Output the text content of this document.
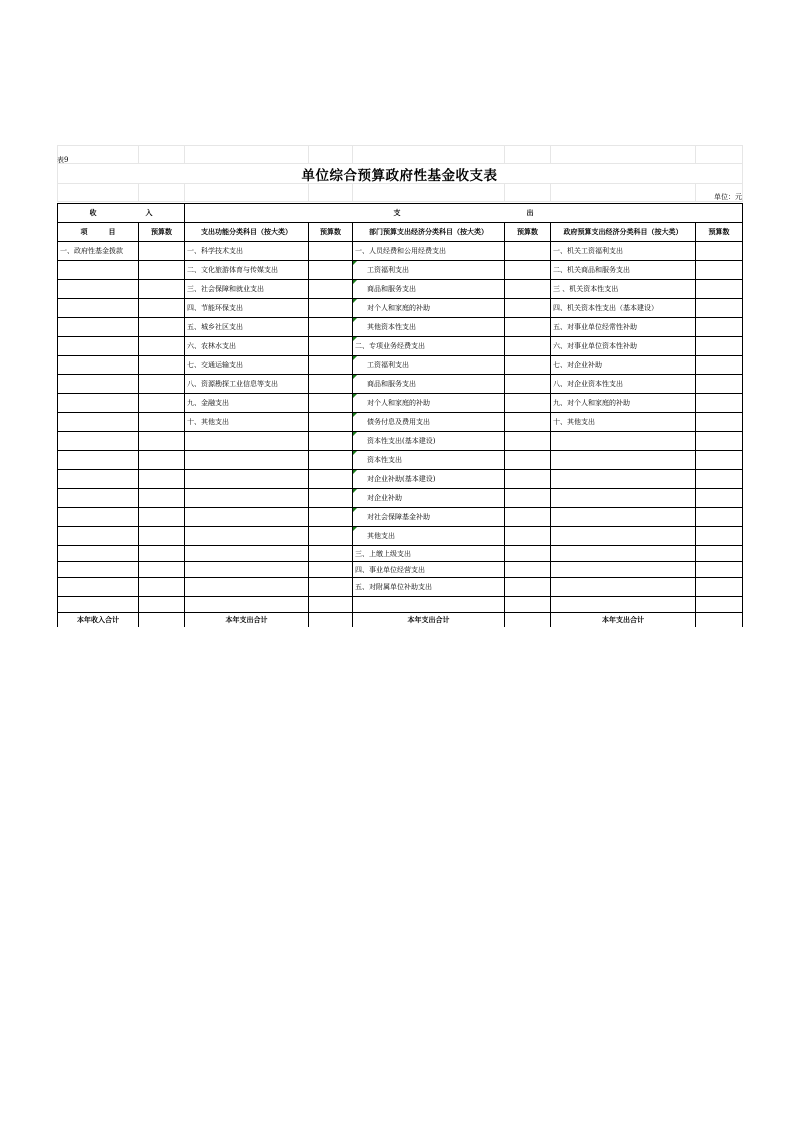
表9
单位综合预算政府性基金收支表
单位：元
收　　　　　　　入		支　　　　　　　　　　　　　　　　　　出					
项　　　目	预算数	支出功能分类科目（按大类）	预算数	部门预算支出经济分类科目（按大类）	预算数	政府预算支出经济分类科目（按大类）	预算数
一、政府性基金拨款		一、科学技术支出		一、人员经费和公用经费支出		一、机关工资福利支出	
		二、文化旅游体育与传媒支出		工资福利支出		二、机关商品和服务支出	
		三、社会保障和就业支出		商品和服务支出		三 、机关资本性支出	
		四、节能环保支出		对个人和家庭的补助		四、机关资本性支出（基本建设）	
		五、城乡社区支出		其他资本性支出		五、对事业单位经常性补助	
		六、农林水支出		二、专项业务经费支出		六、对事业单位资本性补助	
		七、交通运输支出		工资福利支出		七、对企业补助	
		八、资源勘探工业信息等支出		商品和服务支出		八、对企业资本性支出	
		九、金融支出		对个人和家庭的补助		九、对个人和家庭的补助	
		十、其他支出		债务付息及费用支出		十、其他支出	
				资本性支出(基本建设)			
				资本性支出			
				对企业补助(基本建设)			
				对企业补助			
				对社会保障基金补助			
				其他支出			
				三、上缴上级支出			
				四、事业单位经营支出			
				五、对附属单位补助支出			

本年收入合计		本年支出合计		本年支出合计		本年支出合计	
